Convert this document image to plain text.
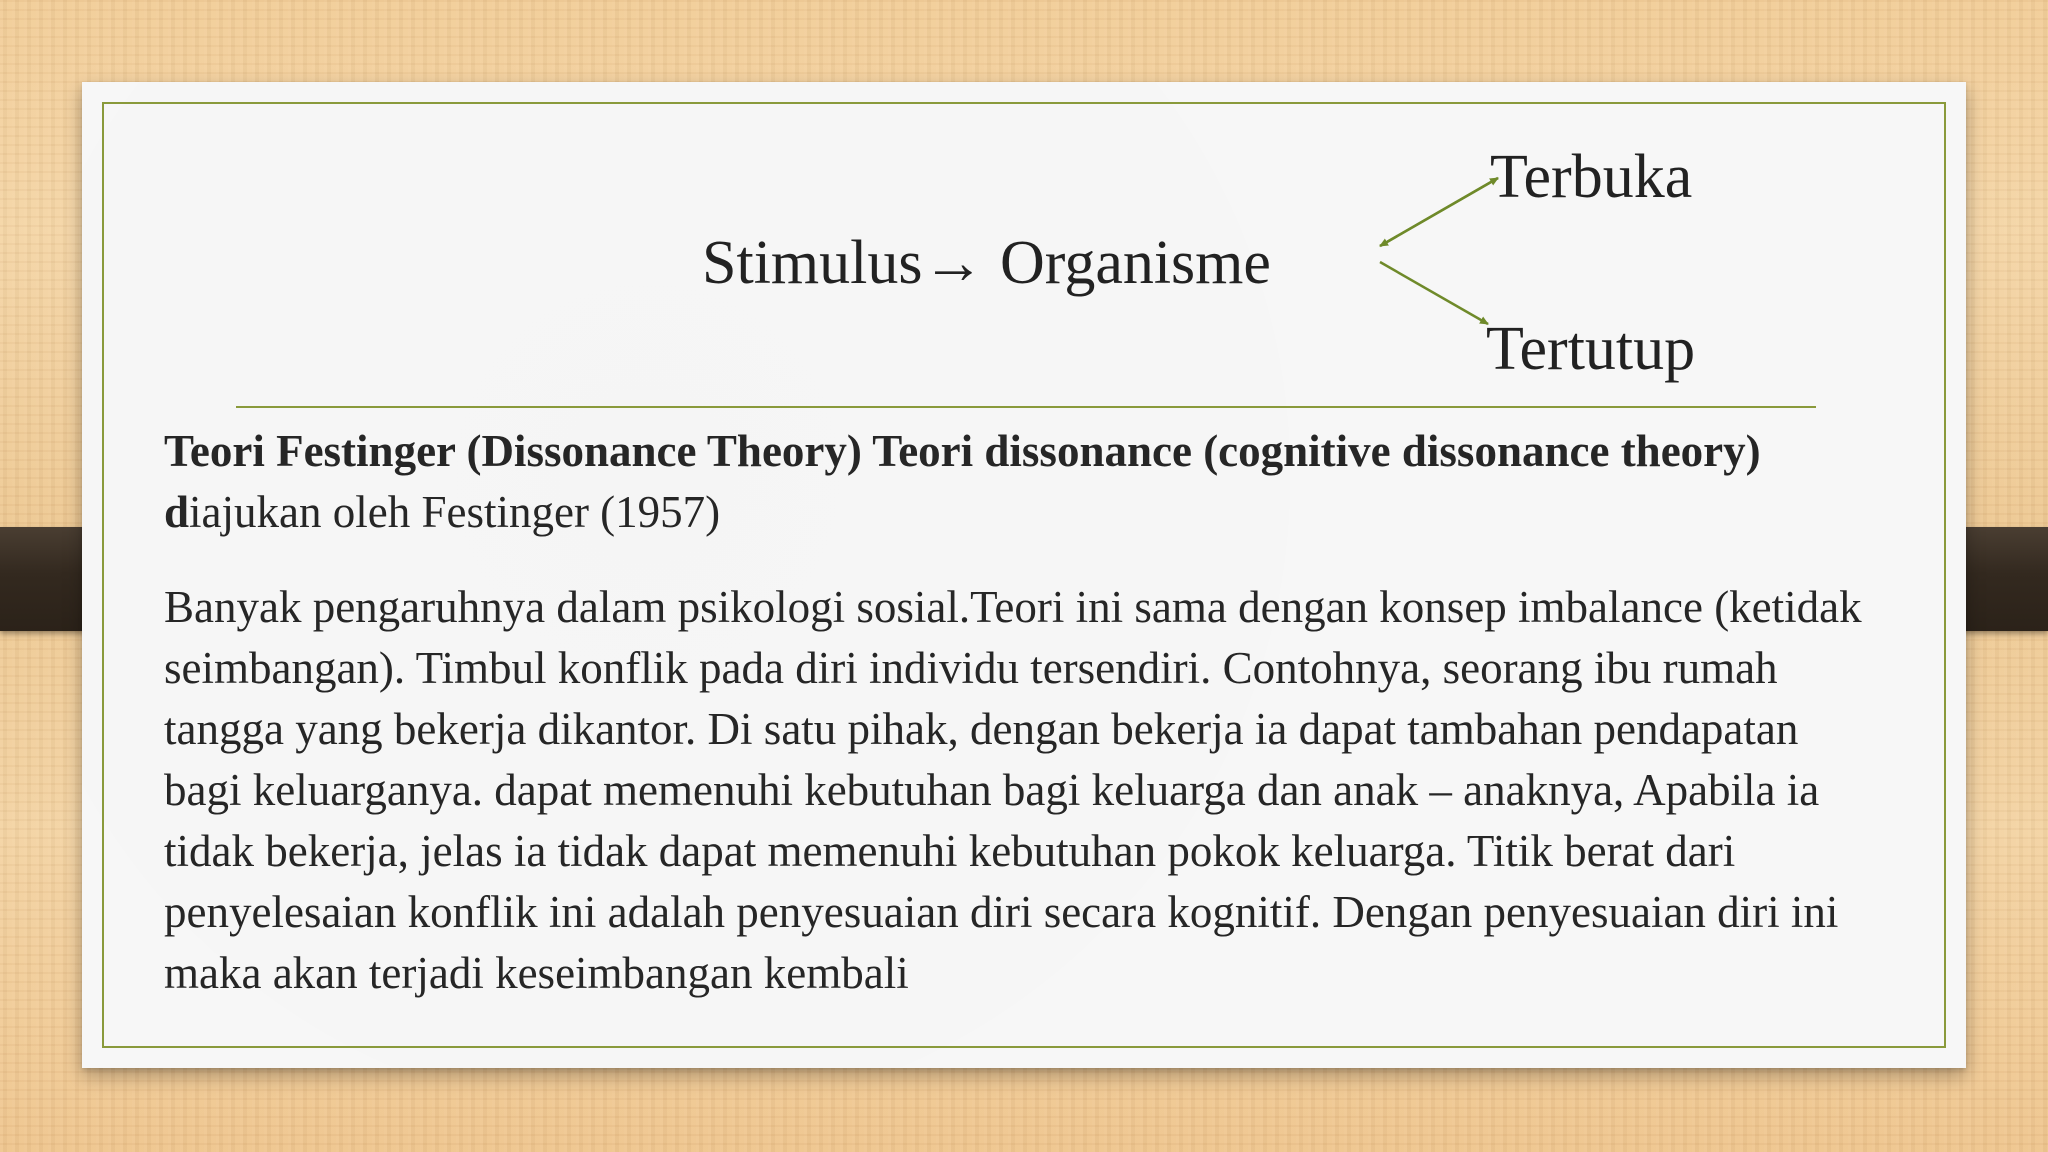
Stimulus→ Organisme
Terbuka
Tertutup
Teori Festinger (Dissonance Theory) Teori dissonance (cognitive dissonance theory) diajukan oleh Festinger (1957)
Banyak pengaruhnya dalam psikologi sosial.Teori ini sama dengan konsep imbalance (ketidak seimbangan). Timbul konflik pada diri individu tersendiri. Contohnya, seorang ibu rumah tangga yang bekerja dikantor. Di satu pihak, dengan bekerja ia dapat tambahan pendapatan bagi keluarganya. dapat memenuhi kebutuhan bagi keluarga dan anak – anaknya, Apabila ia tidak bekerja, jelas ia tidak dapat memenuhi kebutuhan pokok keluarga. Titik berat dari penyelesaian konflik ini adalah penyesuaian diri secara kognitif. Dengan penyesuaian diri ini maka akan terjadi keseimbangan kembali
